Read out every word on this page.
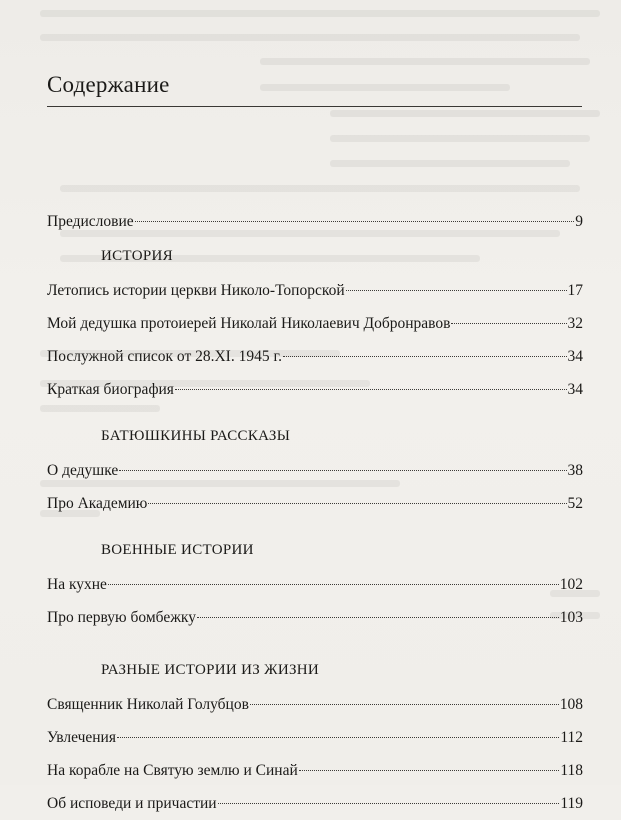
Содержание
Предисловие	9
ИСТОРИЯ
Летопись истории церкви Николо-Топорской	17
Мой дедушка протоиерей Николай Николаевич Добронравов	32
Послужной список от 28.XI. 1945 г.	34
Краткая биография	34
БАТЮШКИНЫ РАССКАЗЫ
О дедушке	38
Про Академию	52
ВОЕННЫЕ ИСТОРИИ
На кухне	102
Про первую бомбежку	103
РАЗНЫЕ ИСТОРИИ ИЗ ЖИЗНИ
Священник Николай Голубцов	108
Увлечения	112
На корабле на Святую землю и Синай	118
Об исповеди и причастии	119
